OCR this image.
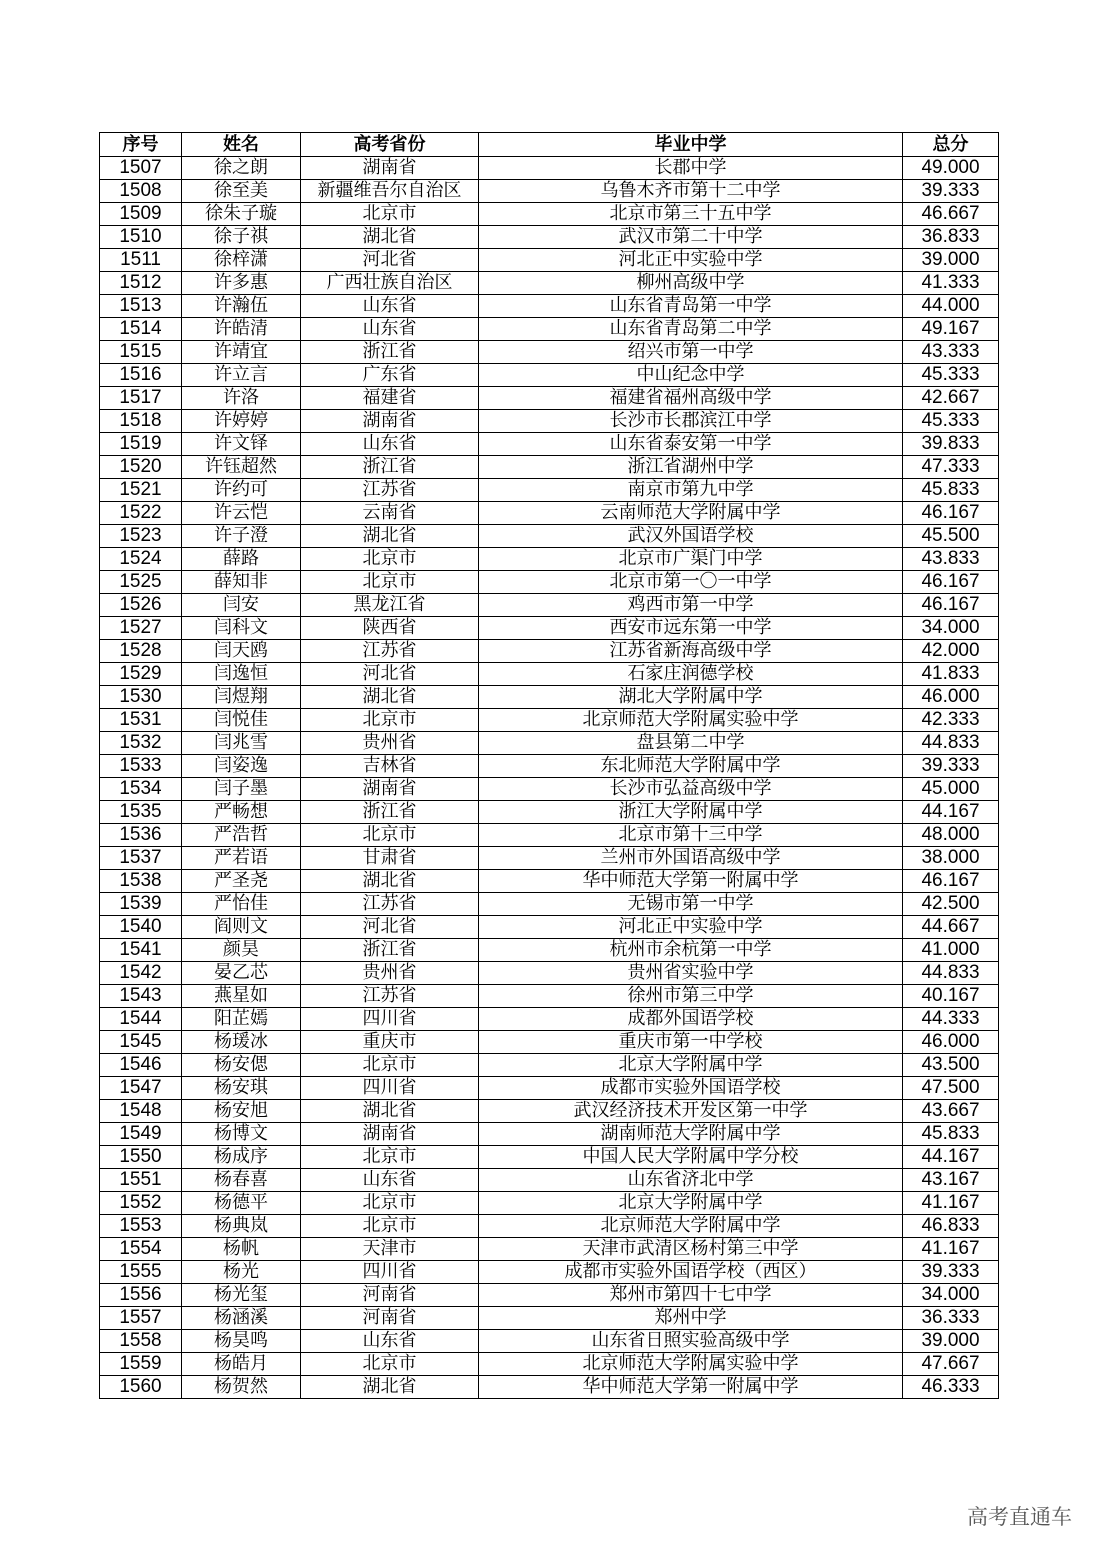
序号	姓名	高考省份	毕业中学	总分
1507	徐之朗	湖南省	长郡中学	49.000
1508	徐至美	新疆维吾尔自治区	乌鲁木齐市第十二中学	39.333
1509	徐朱子璇	北京市	北京市第三十五中学	46.667
1510	徐子祺	湖北省	武汉市第二十中学	36.833
1511	徐梓潇	河北省	河北正中实验中学	39.000
1512	许多惠	广西壮族自治区	柳州高级中学	41.333
1513	许瀚伍	山东省	山东省青岛第一中学	44.000
1514	许皓清	山东省	山东省青岛第二中学	49.167
1515	许靖宜	浙江省	绍兴市第一中学	43.333
1516	许立言	广东省	中山纪念中学	45.333
1517	许洛	福建省	福建省福州高级中学	42.667
1518	许婷婷	湖南省	长沙市长郡滨江中学	45.333
1519	许文铎	山东省	山东省泰安第一中学	39.833
1520	许钰超然	浙江省	浙江省湖州中学	47.333
1521	许约可	江苏省	南京市第九中学	45.833
1522	许云恺	云南省	云南师范大学附属中学	46.167
1523	许子澄	湖北省	武汉外国语学校	45.500
1524	薛路	北京市	北京市广渠门中学	43.833
1525	薛知非	北京市	北京市第一〇一中学	46.167
1526	闫安	黑龙江省	鸡西市第一中学	46.167
1527	闫科文	陕西省	西安市远东第一中学	34.000
1528	闫天鸥	江苏省	江苏省新海高级中学	42.000
1529	闫逸恒	河北省	石家庄润德学校	41.833
1530	闫煜翔	湖北省	湖北大学附属中学	46.000
1531	闫悦佳	北京市	北京师范大学附属实验中学	42.333
1532	闫兆雪	贵州省	盘县第二中学	44.833
1533	闫姿逸	吉林省	东北师范大学附属中学	39.333
1534	闫子墨	湖南省	长沙市弘益高级中学	45.000
1535	严畅想	浙江省	浙江大学附属中学	44.167
1536	严浩哲	北京市	北京市第十三中学	48.000
1537	严若语	甘肃省	兰州市外国语高级中学	38.000
1538	严圣尧	湖北省	华中师范大学第一附属中学	46.167
1539	严怡佳	江苏省	无锡市第一中学	42.500
1540	阎则文	河北省	河北正中实验中学	44.667
1541	颜昊	浙江省	杭州市余杭第一中学	41.000
1542	晏乙芯	贵州省	贵州省实验中学	44.833
1543	燕星如	江苏省	徐州市第三中学	40.167
1544	阳芷嫣	四川省	成都外国语学校	44.333
1545	杨瑗冰	重庆市	重庆市第一中学校	46.000
1546	杨安偲	北京市	北京大学附属中学	43.500
1547	杨安琪	四川省	成都市实验外国语学校	47.500
1548	杨安旭	湖北省	武汉经济技术开发区第一中学	43.667
1549	杨博文	湖南省	湖南师范大学附属中学	45.833
1550	杨成序	北京市	中国人民大学附属中学分校	44.167
1551	杨春喜	山东省	山东省济北中学	43.167
1552	杨德平	北京市	北京大学附属中学	41.167
1553	杨典岚	北京市	北京师范大学附属中学	46.833
1554	杨帆	天津市	天津市武清区杨村第三中学	41.167
1555	杨光	四川省	成都市实验外国语学校（西区）	39.333
1556	杨光玺	河南省	郑州市第四十七中学	34.000
1557	杨涵溪	河南省	郑州中学	36.333
1558	杨昊鸣	山东省	山东省日照实验高级中学	39.000
1559	杨皓月	北京市	北京师范大学附属实验中学	47.667
1560	杨贺然	湖北省	华中师范大学第一附属中学	46.333
高考直通车
